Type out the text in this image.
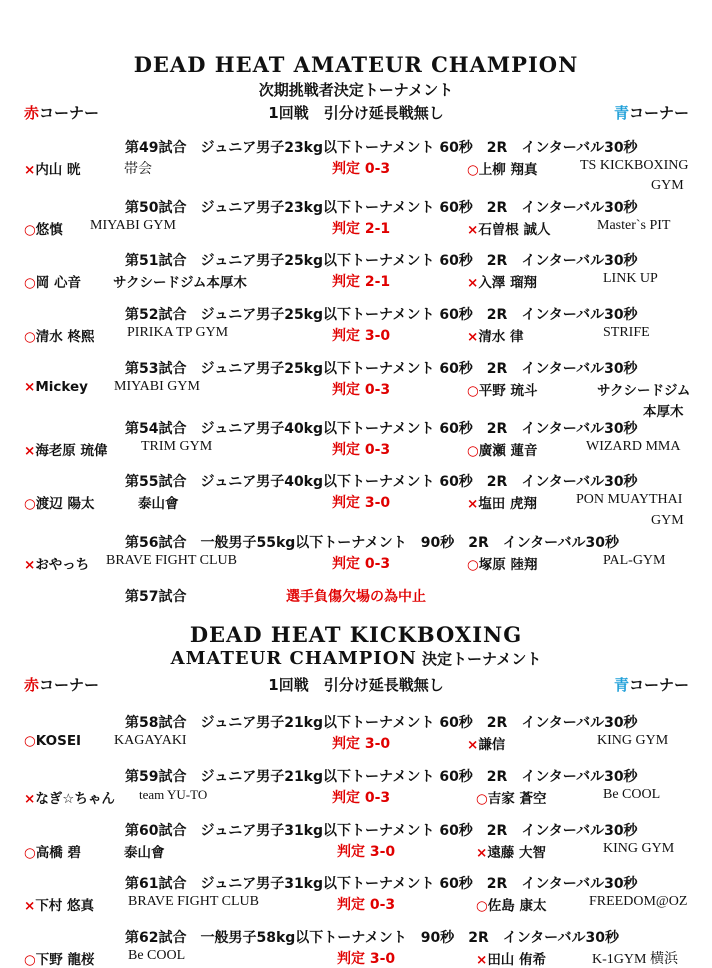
DEAD HEAT AMATEUR CHAMPION
次期挑戦者決定トーナメント
赤コーナー	1回戦　引分け延長戦無し	青コーナー
DEAD HEAT KICKBOXING
AMATEUR CHAMPION 決定トーナメント
赤コーナー	1回戦　引分け延長戦無し	青コーナー
第49試合　ジュニア男子23kg以下トーナメント 60秒　2R　インターバル30秒
×内山 晄	帯会	判定 0-3	○上柳 翔真	TS KICKBOXING
GYM
第50試合　ジュニア男子23kg以下トーナメント 60秒　2R　インターバル30秒
○悠慎 MIYABI GYM	判定 2-1	×石曽根 誠人	Master`s PIT
第51試合　ジュニア男子25kg以下トーナメント 60秒　2R　インターバル30秒
○岡 心音 サクシードジム本厚木	判定 2-1	×入澤 瑠翔	LINK UP
第52試合　ジュニア男子25kg以下トーナメント 60秒　2R　インターバル30秒
○清水 柊熙 PIRIKA TP GYM	判定 3-0	×清水 律	STRIFE
第53試合　ジュニア男子25kg以下トーナメント 60秒　2R　インターバル30秒
×Mickey MIYABI GYM	判定 0-3	○平野 琉斗	サクシードジム
本厚木
第54試合　ジュニア男子40kg以下トーナメント 60秒　2R　インターバル30秒
×海老原 琉偉 TRIM GYM	判定 0-3	○廣瀬 蓮音	WIZARD MMA
第55試合　ジュニア男子40kg以下トーナメント 60秒　2R　インターバル30秒
○渡辺 陽太	泰山會	判定 3-0	×塩田 虎翔	PON MUAYTHAI
GYM
第56試合　一般男子55kg以下トーナメント　90秒　2R　インターバル30秒
×おやっち BRAVE FIGHT CLUB	判定 0-3	○塚原 陸翔	PAL-GYM
第57試合	選手負傷欠場の為中止
第58試合　ジュニア男子21kg以下トーナメント 60秒　2R　インターバル30秒
○KOSEI KAGAYAKI	判定 3-0	×謙信	KING GYM
第59試合　ジュニア男子21kg以下トーナメント 60秒　2R　インターバル30秒
×なぎ☆ちゃん team YU-TO	判定 0-3	○吉家 蒼空	Be COOL
第60試合　ジュニア男子31kg以下トーナメント 60秒　2R　インターバル30秒
○高橋 碧	泰山會	判定 3-0	×遠藤 大智	KING GYM
第61試合　ジュニア男子31kg以下トーナメント 60秒　2R　インターバル30秒
×下村 悠真 BRAVE FIGHT CLUB	判定 0-3	○佐島 康太	FREEDOM@OZ
第62試合　一般男子58kg以下トーナメント　90秒　2R　インターバル30秒
○下野 龍桜 Be COOL	判定 3-0	×田山 侑希	K-1GYM 横浜
